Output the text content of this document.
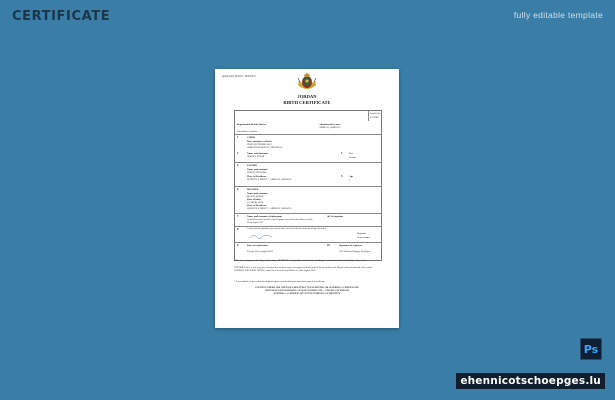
CERTIFICATE	fully editable template
Application Number: HDI55041
JORDAN
BIRTH CERTIFICATE
Family No.
4774184
Registration district Roster	Administrative area
AMMAN, JORDAN
Sub-district Amman
1.	CHILD
Date and place of birth
FIRST OCTOBER 2012
JORDAN HOSPITAL, HOSPITAL
2.	Name and Surname
ISMAEL SUBHI
3. Sex
Female
4.	FATHER
Name and surname
SUBHI ATTARDO
Place of Residence
QUEEN'S STREET 1, AMMAN, JORDAN
5. Age
2
6.	MOTHER
Name and surname
MARIA SUBHI
Date of birth
10 APRIL 1984
Place of Residence
QUEEN'S STREET 1, AMMAN, JORDAN
7.	Name and surname of informant	(b) Occupation
Certificate received from Dr. Chief Registrar was found in the district of Arbor
Ticket August 2022
8.	I certify that the particulars given by me above are true to the best of my knowledge and belief.
Signature
of informant
9.	Date of registration
Twenty First August 2021
10.	Signature of registrar
J.M. Wieland Deputy Registrar
In/Do of a surrogacy in the Hague Convention, IT SHORT - An Apostille was issued by the Hague Convention article of the Hague Convention.
CERTIFIED to be a true copy of an entry in the certified copy of a register of Births held in the in Jordan in the District above mentioned. Given at the GENERAL REGISTER OFFICE, under the seal of the said Office on 12th August, 2021.
* For certificate is given from the original register and details of the particular copy of a certificate.
CAUTION: THERE ARE OFFENCES RELATING TO FALSIFYING OR ALTERING A CERTIFICATE
AND USING OR POSSESSING A FALSE CERTIFICATE. ©CROWN COPYRIGHT
WARNING: A CERTIFICATE IS NOT EVIDENCE OF IDENTITY
Ps
ehennicotschoepges.lu
